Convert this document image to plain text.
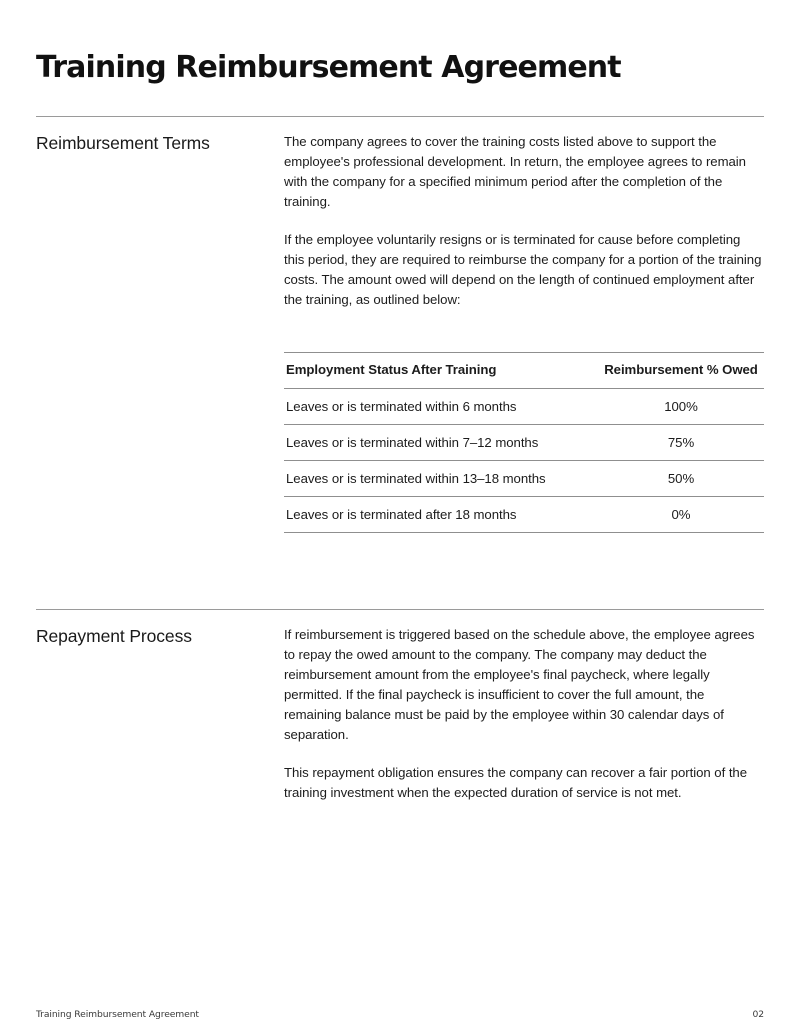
Training Reimbursement Agreement
Reimbursement Terms	The company agrees to cover the training costs listed above to support the employee's professional development. In return, the employee agrees to remain with the company for a specified minimum period after the completion of the training.

If the employee voluntarily resigns or is terminated for cause before completing this period, they are required to reimburse the company for a portion of the training costs. The amount owed will depend on the length of continued employment after the training, as outlined below:

Employment Status After Training	Reimbursement % Owed
Leaves or is terminated within 6 months	100%
Leaves or is terminated within 7–12 months	75%
Leaves or is terminated within 13–18 months	50%
Leaves or is terminated after 18 months	0%
Repayment Process	If reimbursement is triggered based on the schedule above, the employee agrees to repay the owed amount to the company. The company may deduct the reimbursement amount from the employee's final paycheck, where legally permitted. If the final paycheck is insufficient to cover the full amount, the remaining balance must be paid by the employee within 30 calendar days of separation.

This repayment obligation ensures the company can recover a fair portion of the training investment when the expected duration of service is not met.

Training Reimbursement Agreement	02
